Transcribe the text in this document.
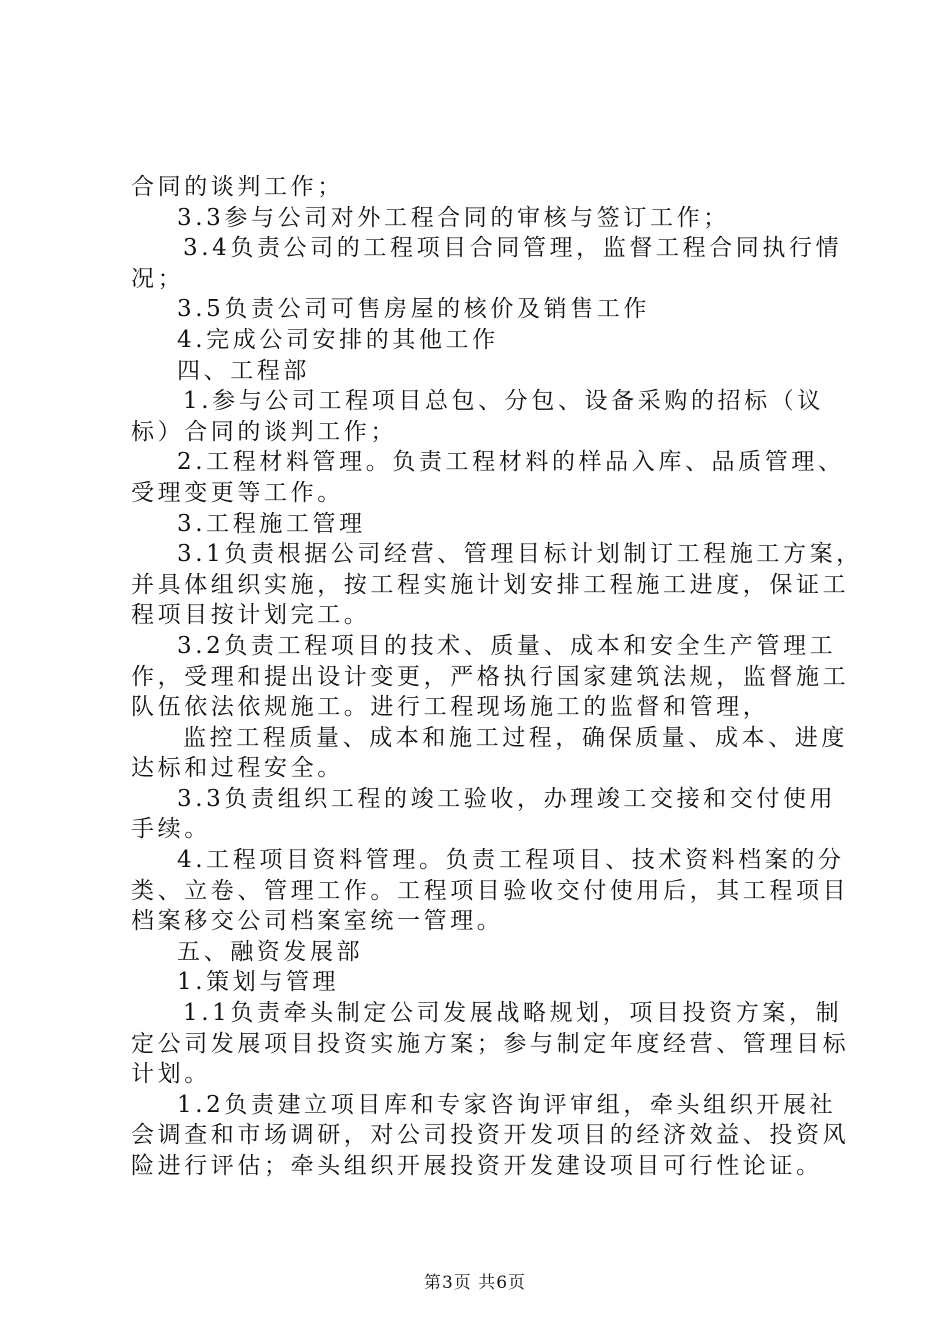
合同的谈判工作；
3.3参与公司对外工程合同的审核与签订工作；
3.4负责公司的工程项目合同管理，监督工程合同执行情
况；
3.5负责公司可售房屋的核价及销售工作
4.完成公司安排的其他工作
四、工程部
1.参与公司工程项目总包、分包、设备采购的招标（议
标）合同的谈判工作；
2.工程材料管理。负责工程材料的样品入库、品质管理、
受理变更等工作。
3.工程施工管理
3.1负责根据公司经营、管理目标计划制订工程施工方案，
并具体组织实施，按工程实施计划安排工程施工进度，保证工
程项目按计划完工。
3.2负责工程项目的技术、质量、成本和安全生产管理工
作，受理和提出设计变更，严格执行国家建筑法规，监督施工
队伍依法依规施工。进行工程现场施工的监督和管理，
监控工程质量、成本和施工过程，确保质量、成本、进度
达标和过程安全。
3.3负责组织工程的竣工验收，办理竣工交接和交付使用
手续。
4.工程项目资料管理。负责工程项目、技术资料档案的分
类、立卷、管理工作。工程项目验收交付使用后，其工程项目
档案移交公司档案室统一管理。
五、融资发展部
1.策划与管理
1.1负责牵头制定公司发展战略规划，项目投资方案，制
定公司发展项目投资实施方案；参与制定年度经营、管理目标
计划。
1.2负责建立项目库和专家咨询评审组，牵头组织开展社
会调查和市场调研，对公司投资开发项目的经济效益、投资风
险进行评估；牵头组织开展投资开发建设项目可行性论证。
第3页 共6页
